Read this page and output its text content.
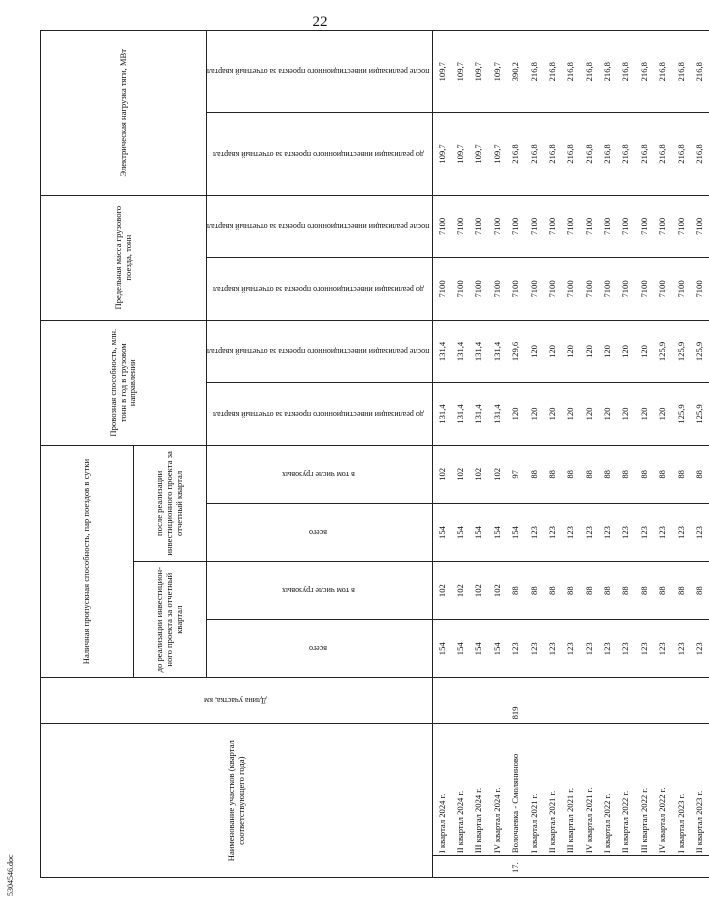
22
Наименование участков (квартал соответствующего года)		Длина участка, км	Наличная пропускная способность, пар поездов в сутки				Провозная способность, млн. тонн в год в грузовом направлении		Предельная масса грузового поезда, тонн		Электрическая нагрузка тяги, МВт	
			до реализации инвестицион-ного проекта за отчетный квартал		после реализации инвестиционного проекта за отчетный квартал							
			всего	в том числе грузовых	всего	в том числе грузовых	до реализации инвестиционного проекта за отчетный квартал	после реализации инвестиционного проекта за отчетный квартал	до реализации инвестиционного проекта за отчетный квартал	после реализации инвестиционного проекта за отчетный квартал	до реализации инвестиционного проекта за отчетный квартал	после реализации инвестиционного проекта за отчетный квартал
	I квартал 2024 г.		154	102	154	102	131,4	131,4	7100	7100	109,7	109,7
	II квартал 2024 г.		154	102	154	102	131,4	131,4	7100	7100	109,7	109,7
	III квартал 2024 г.		154	102	154	102	131,4	131,4	7100	7100	109,7	109,7
	IV квартал 2024 г.		154	102	154	102	131,4	131,4	7100	7100	109,7	109,7
17.	Волочаевка - Смоляниново	819	123	88	154	97	120	129,6	7100	7100	216,8	390,2
	I квартал 2021 г.		123	88	123	88	120	120	7100	7100	216,8	216,8
	II квартал 2021 г.		123	88	123	88	120	120	7100	7100	216,8	216,8
	III квартал 2021 г.		123	88	123	88	120	120	7100	7100	216,8	216,8
	IV квартал 2021 г.		123	88	123	88	120	120	7100	7100	216,8	216,8
	I квартал 2022 г.		123	88	123	88	120	120	7100	7100	216,8	216,8
	II квартал 2022 г.		123	88	123	88	120	120	7100	7100	216,8	216,8
	III квартал 2022 г.		123	88	123	88	120	120	7100	7100	216,8	216,8
	IV квартал 2022 г.		123	88	123	88	120	125,9	7100	7100	216,8	216,8
	I квартал 2023 г.		123	88	123	88	125,9	125,9	7100	7100	216,8	216,8
	II квартал 2023 г.		123	88	123	88	125,9	125,9	7100	7100	216,8	216,8
5304546.doc
